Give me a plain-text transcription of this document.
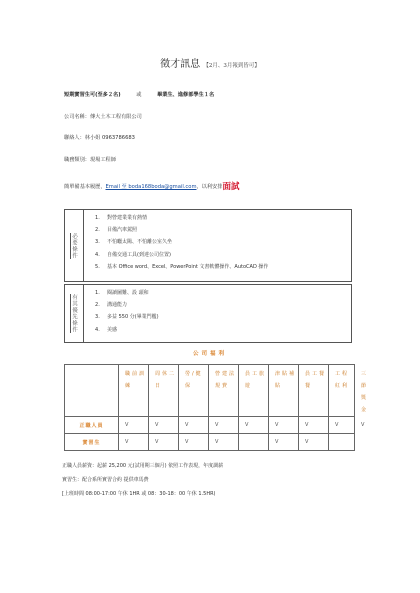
徵才訊息 【2月、3月報到皆可】
短期實習生可(至多２名)	或	畢業生、進修部學生１名
公司名稱：傳大土木工程有限公司
聯絡人：林小姐 0963786683
職務類別：現場工程師
簡單備基本履歷，Email 至 boda168boda@gmail.com，以利安排面試
必要條件
對營建業業有熱情
目備汽車駕照
不怕曬太陽、不怕離公室久坐
自備交通工具(到達公司位置)
基本 Office word、Excel、PowerPoint 文書軟體操作、AutoCAD 操作
有其優先條件
閱讀圖難、設 頭和
溝通能力
多益 550 分(畢業門檻)
美感
公司福利
	職前訓練	周休二日	勞/健保	營建法規費	員工旅遊	津貼補貼	員工餐餐	工程紅利	三節獎金
正職人員	V	V	V	V	V	V	V	V	V
實習生	V	V	V	V		V	V		
正職人員薪資：起薪 25,200 元(試用期三個月) 依照工作表現，年度調薪
實習生：配合系所實習合約 提供車馬費
[上班時間 08:00-17:00 午休 1HR 或 08：30-18：00 午休 1.5HR)
